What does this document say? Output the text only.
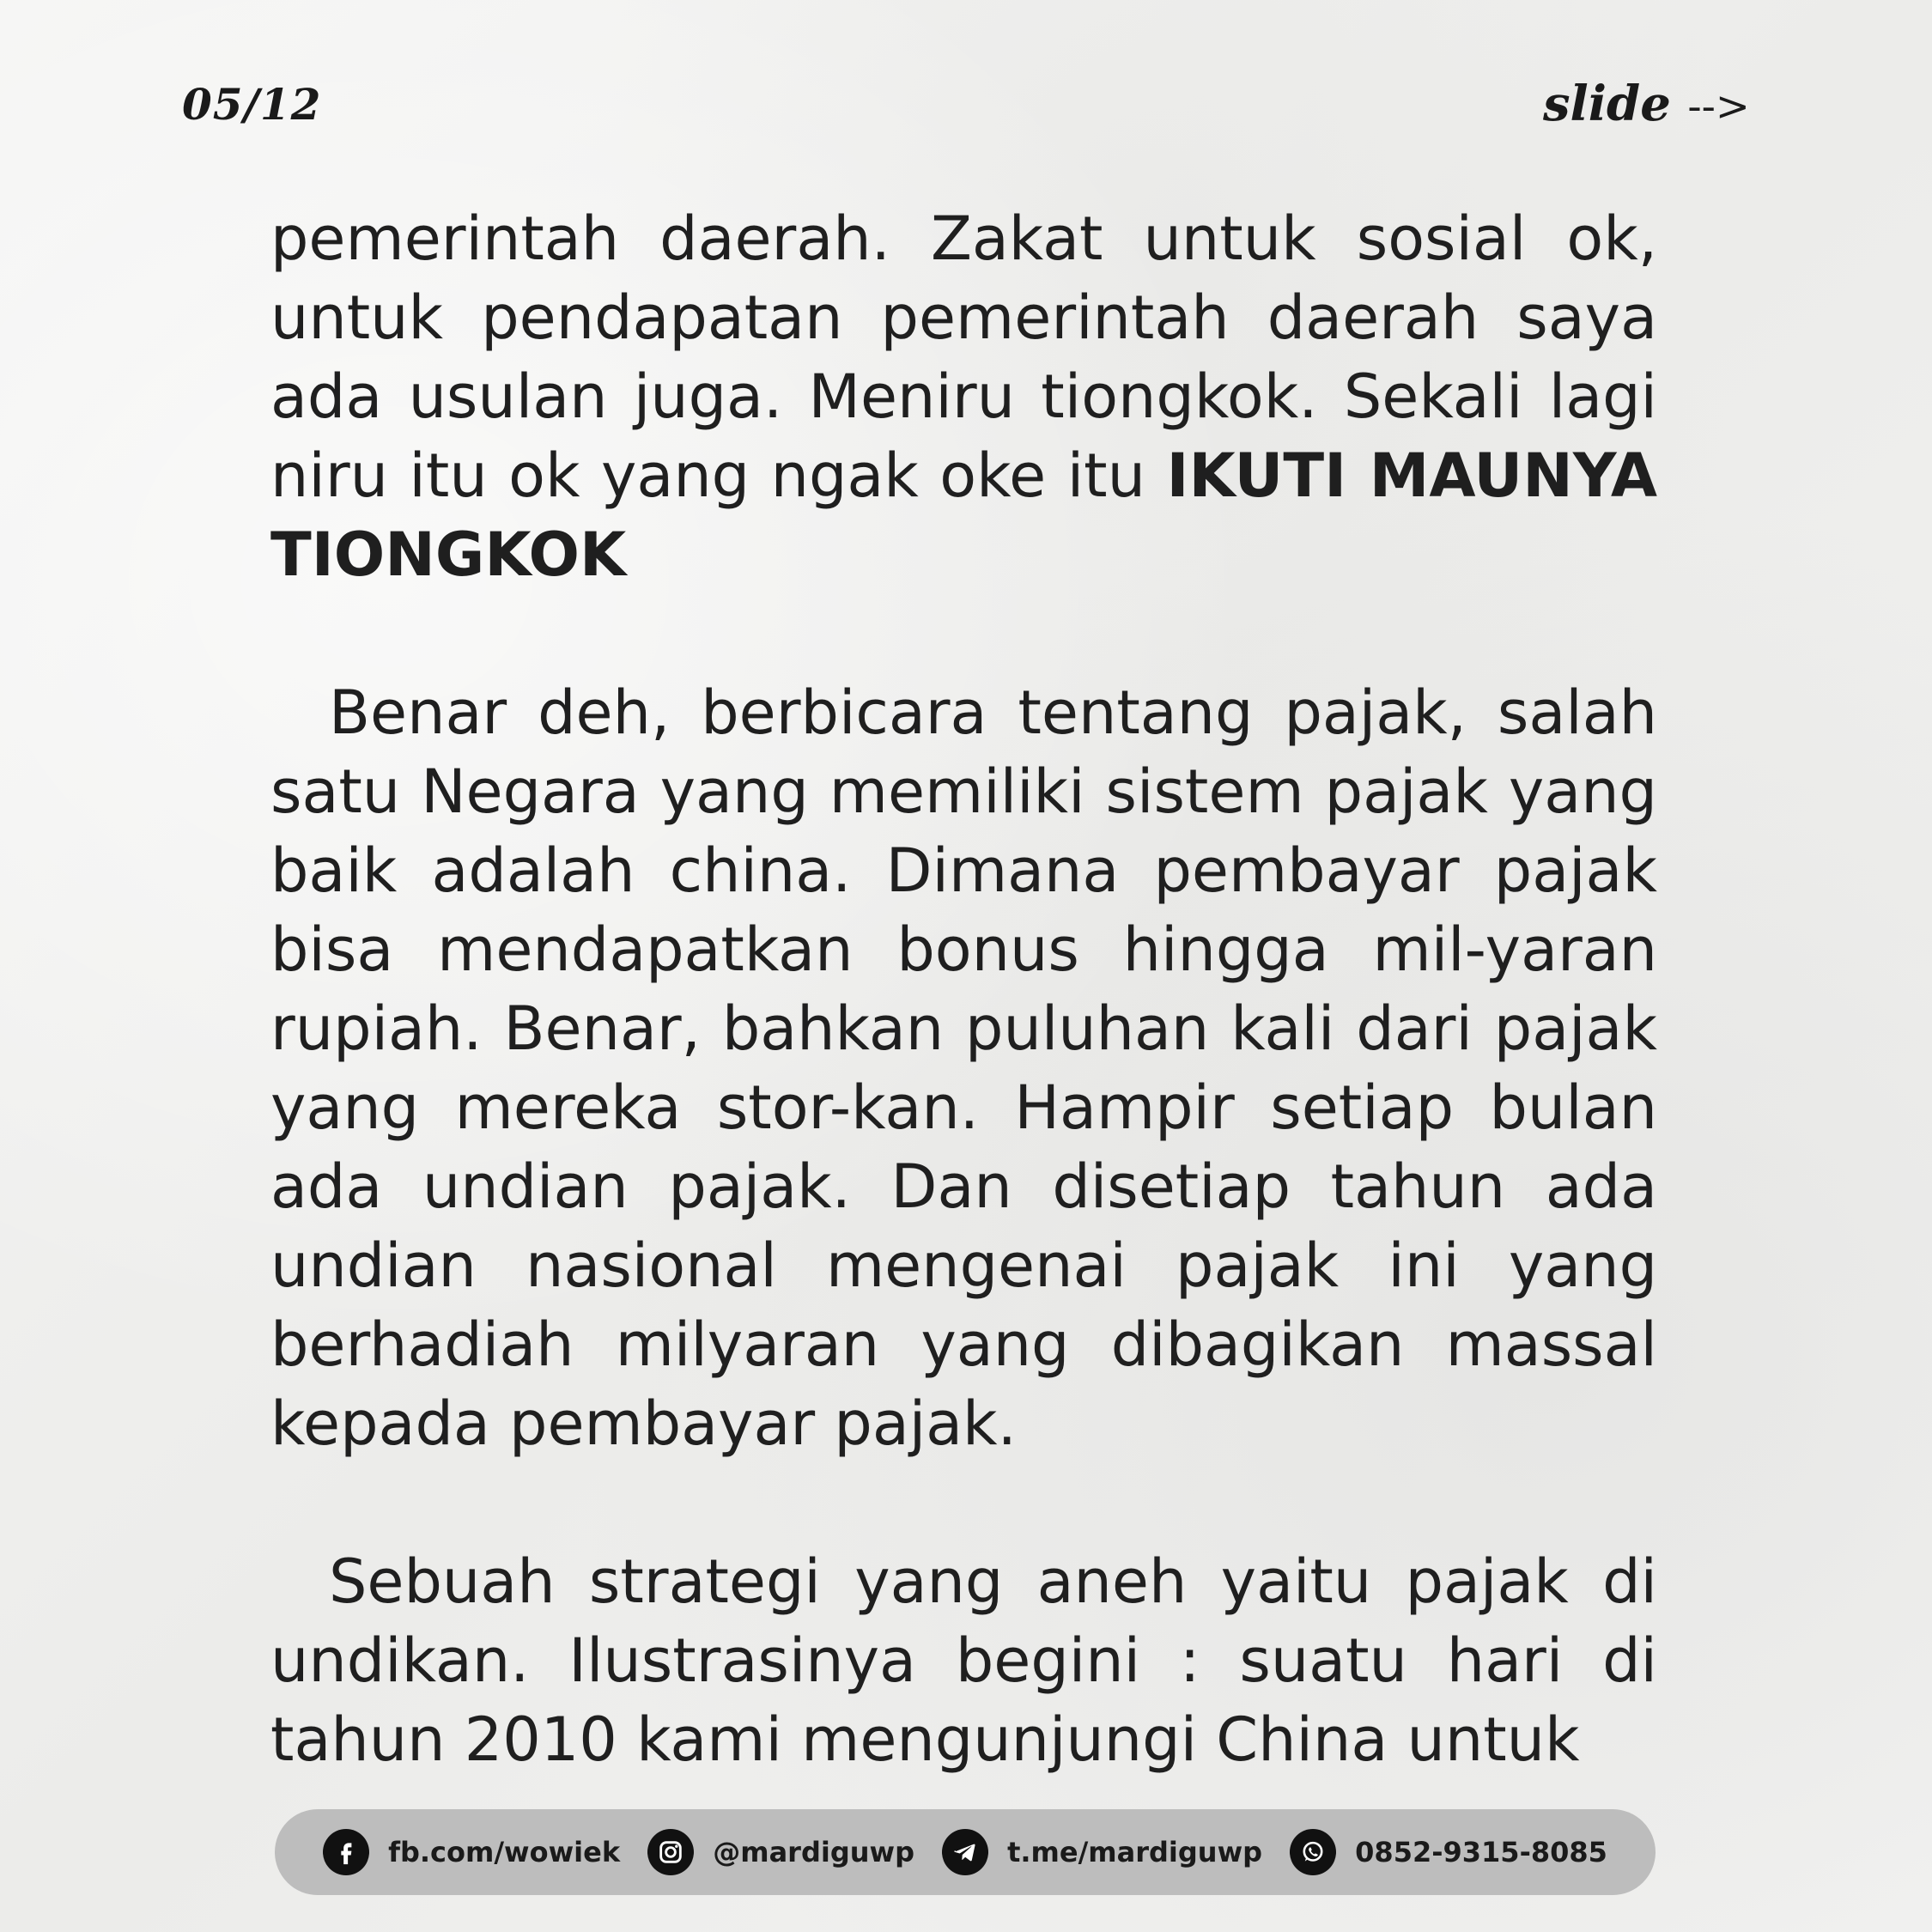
05/12	slide -->

pemerintah daerah. Zakat untuk sosial ok, untuk pendapatan pemerintah daerah saya ada usulan juga. Meniru tiongkok. Sekali lagi niru itu ok yang ngak oke itu IKUTI MAUNYA TIONGKOK

Benar deh, berbicara tentang pajak, salah satu Negara yang memiliki sistem pajak yang baik adalah china. Dimana pembayar pajak bisa mendapatkan bonus hingga mil-yaran rupiah. Benar, bahkan puluhan kali dari pajak yang mereka stor-kan. Hampir setiap bulan ada undian pajak. Dan disetiap tahun ada undian nasional mengenai pajak ini yang berhadiah milyaran yang dibagikan massal kepada pembayar pajak.

Sebuah strategi yang aneh yaitu pajak di undikan. Ilustrasinya begini : suatu hari di tahun 2010 kami mengunjungi China untuk

fb.com/wowiek	@mardiguwp	t.me/mardiguwp	0852-9315-8085
